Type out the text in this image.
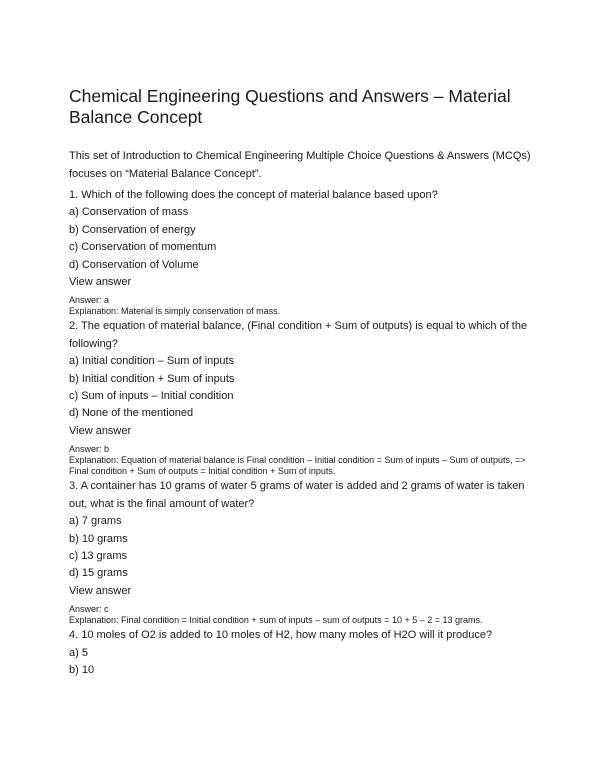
Chemical Engineering Questions and Answers – Material Balance Concept

This set of Introduction to Chemical Engineering Multiple Choice Questions & Answers (MCQs) focuses on “Material Balance Concept”.

1. Which of the following does the concept of material balance based upon?
a) Conservation of mass
b) Conservation of energy
c) Conservation of momentum
d) Conservation of Volume
View answer
Answer: a
Explanation: Material is simply conservation of mass.
2. The equation of material balance, (Final condition + Sum of outputs) is equal to which of the following?
a) Initial condition – Sum of inputs
b) Initial condition + Sum of inputs
c) Sum of inputs – Initial condition
d) None of the mentioned
View answer
Answer: b
Explanation: Equation of material balance is Final condition – Initial condition = Sum of inputs – Sum of outputs, => Final condition + Sum of outputs = Initial condition + Sum of inputs.
3. A container has 10 grams of water 5 grams of water is added and 2 grams of water is taken out, what is the final amount of water?
a) 7 grams
b) 10 grams
c) 13 grams
d) 15 grams
View answer
Answer: c
Explanation: Final condition = Initial condition + sum of inputs – sum of outputs = 10 + 5 – 2 = 13 grams.
4. 10 moles of O2 is added to 10 moles of H2, how many moles of H2O will it produce?
a) 5
b) 10
